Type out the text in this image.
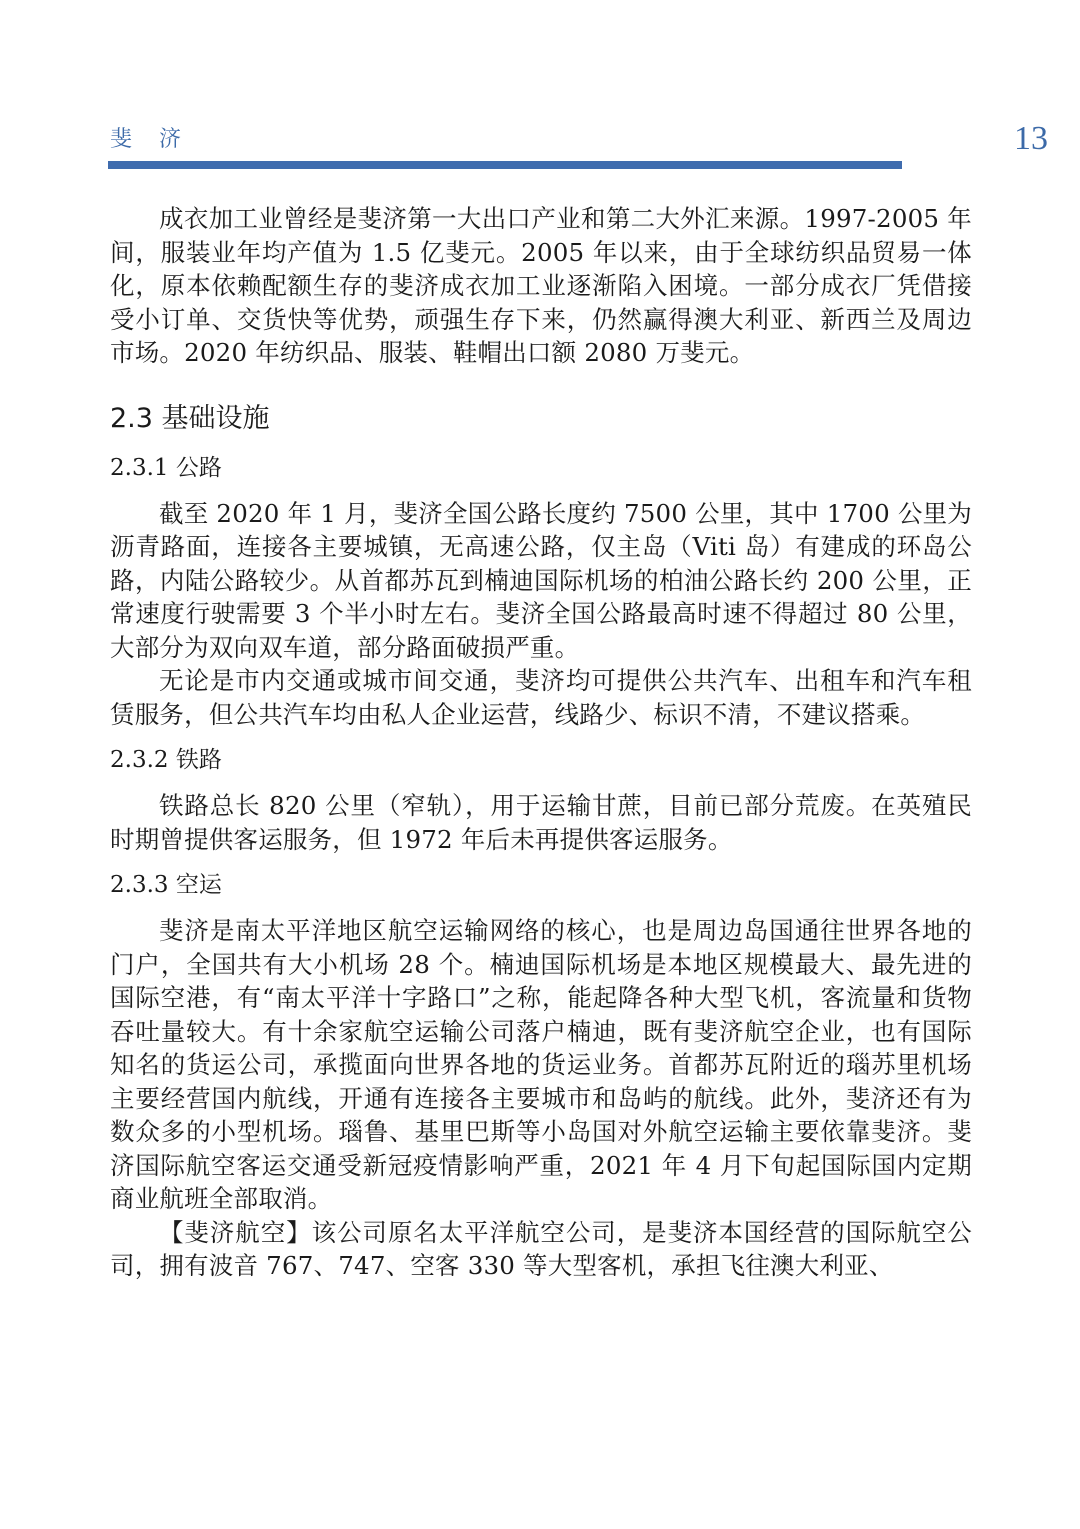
斐 济	13

成衣加工业曾经是斐济第一大出口产业和第二大外汇来源。1997-2005 年间，服装业年均产值为 1.5 亿斐元。2005 年以来，由于全球纺织品贸易一体化，原本依赖配额生存的斐济成衣加工业逐渐陷入困境。一部分成衣厂凭借接受小订单、交货快等优势，顽强生存下来，仍然赢得澳大利亚、新西兰及周边市场。2020 年纺织品、服装、鞋帽出口额 2080 万斐元。

2.3 基础设施
2.3.1 公路

截至 2020 年 1 月，斐济全国公路长度约 7500 公里，其中 1700 公里为沥青路面，连接各主要城镇，无高速公路，仅主岛（Viti 岛）有建成的环岛公路，内陆公路较少。从首都苏瓦到楠迪国际机场的柏油公路长约 200 公里，正常速度行驶需要 3 个半小时左右。斐济全国公路最高时速不得超过 80 公里，大部分为双向双车道，部分路面破损严重。

无论是市内交通或城市间交通，斐济均可提供公共汽车、出租车和汽车租赁服务，但公共汽车均由私人企业运营，线路少、标识不清，不建议搭乘。

2.3.2 铁路

铁路总长 820 公里（窄轨），用于运输甘蔗，目前已部分荒废。在英殖民时期曾提供客运服务，但 1972 年后未再提供客运服务。

2.3.3 空运

斐济是南太平洋地区航空运输网络的核心，也是周边岛国通往世界各地的门户，全国共有大小机场 28 个。楠迪国际机场是本地区规模最大、最先进的国际空港，有“南太平洋十字路口”之称，能起降各种大型飞机，客流量和货物吞吐量较大。有十余家航空运输公司落户楠迪，既有斐济航空企业，也有国际知名的货运公司，承揽面向世界各地的货运业务。首都苏瓦附近的瑙苏里机场主要经营国内航线，开通有连接各主要城市和岛屿的航线。此外，斐济还有为数众多的小型机场。瑙鲁、基里巴斯等小岛国对外航空运输主要依靠斐济。斐济国际航空客运交通受新冠疫情影响严重，2021 年 4 月下旬起国际国内定期商业航班全部取消。

【斐济航空】该公司原名太平洋航空公司，是斐济本国经营的国际航空公司，拥有波音 767、747、空客 330 等大型客机，承担飞往澳大利亚、
